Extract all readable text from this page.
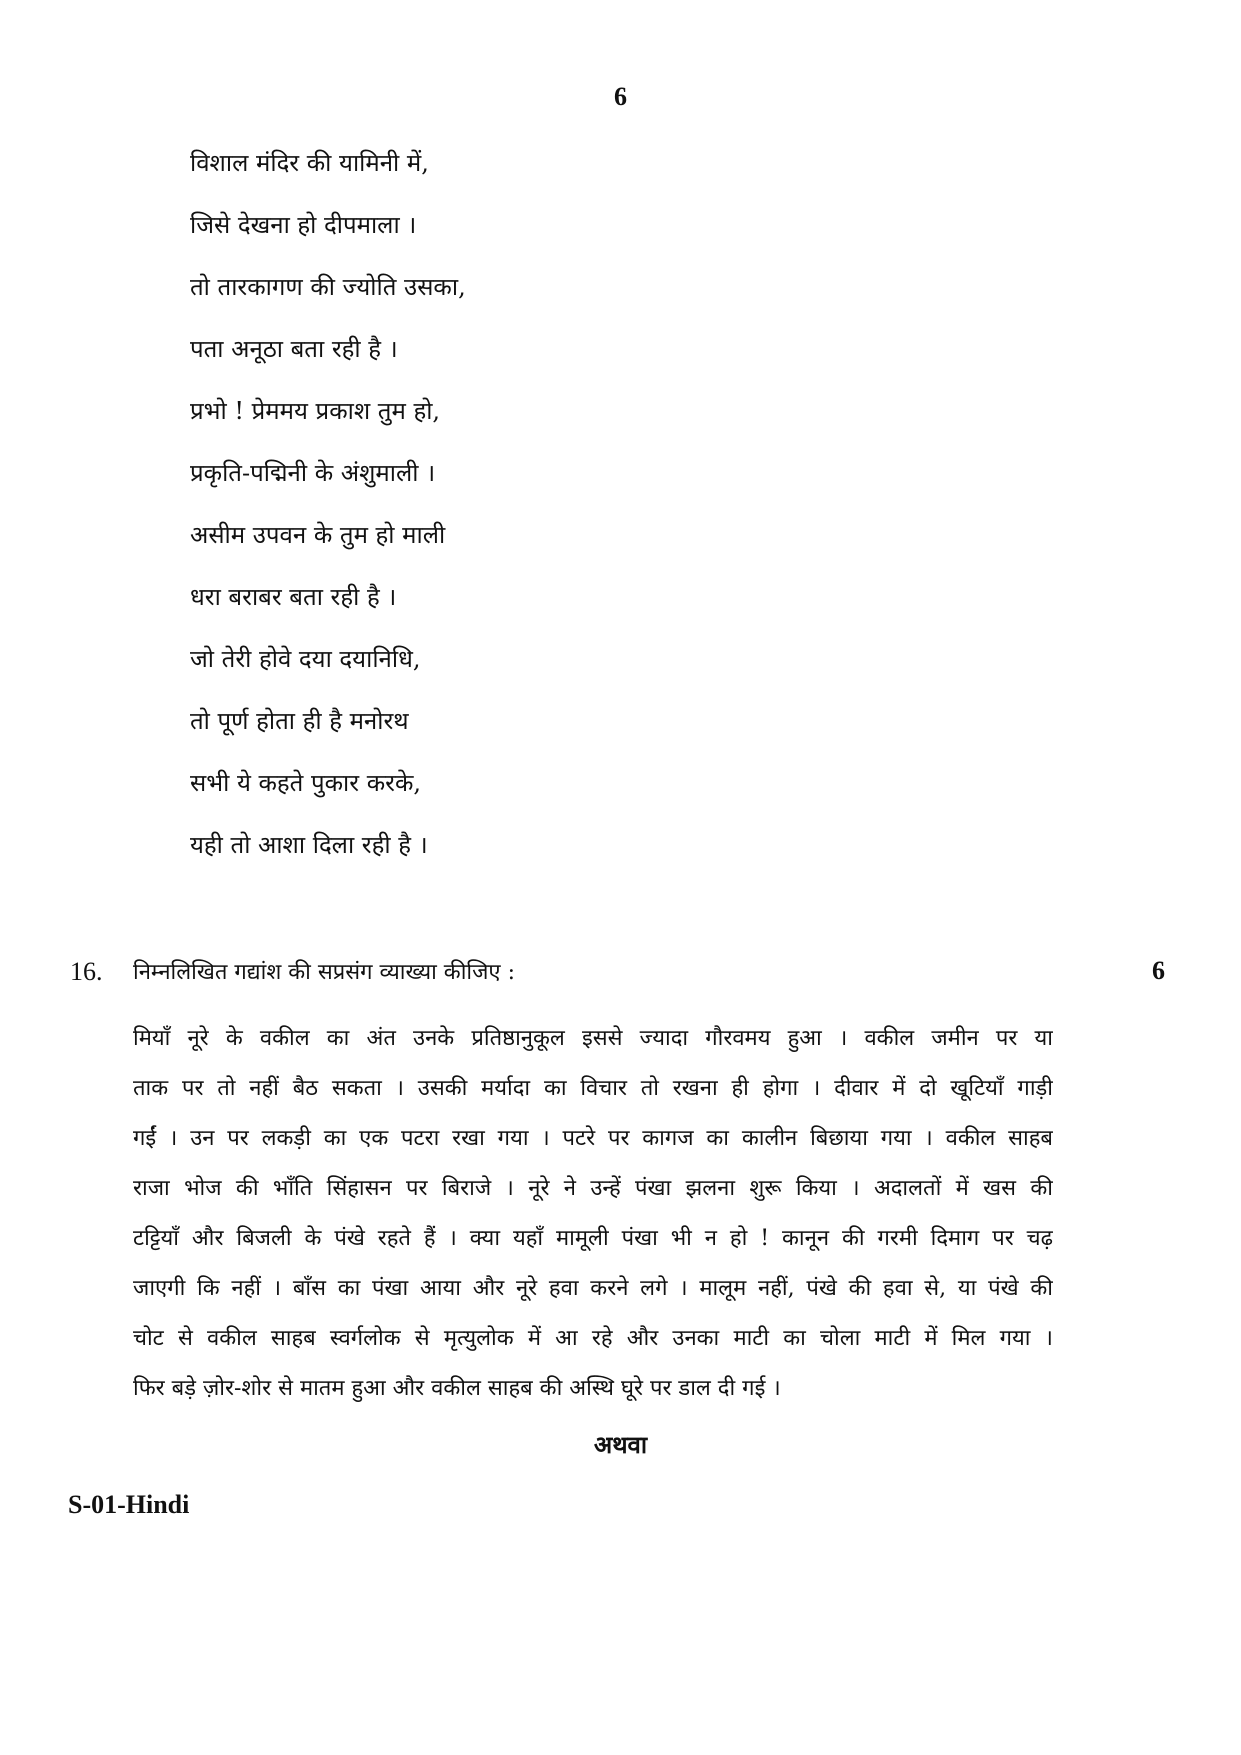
6
विशाल मंदिर की यामिनी में,
जिसे देखना हो दीपमाला ।
तो तारकागण की ज्योति उसका,
पता अनूठा बता रही है ।
प्रभो ! प्रेममय प्रकाश तुम हो,
प्रकृति-पद्मिनी के अंशुमाली ।
असीम उपवन के तुम हो माली
धरा बराबर बता रही है ।
जो तेरी होवे दया दयानिधि,
तो पूर्ण होता ही है मनोरथ
सभी ये कहते पुकार करके,
यही तो आशा दिला रही है ।
16. निम्नलिखित गद्यांश की सप्रसंग व्याख्या कीजिए :	6
मियाँ नूरे के वकील का अंत उनके प्रतिष्ठानुकूल इससे ज्यादा गौरवमय हुआ । वकील जमीन पर या
ताक पर तो नहीं बैठ सकता । उसकी मर्यादा का विचार तो रखना ही होगा । दीवार में दो खूटियाँ गाड़ी
गईं । उन पर लकड़ी का एक पटरा रखा गया । पटरे पर कागज का कालीन बिछाया गया । वकील साहब
राजा भोज की भाँति सिंहासन पर बिराजे । नूरे ने उन्हें पंखा झलना शुरू किया । अदालतों में खस की
टट्टियाँ और बिजली के पंखे रहते हैं । क्या यहाँ मामूली पंखा भी न हो ! कानून की गरमी दिमाग पर चढ़
जाएगी कि नहीं । बाँस का पंखा आया और नूरे हवा करने लगे । मालूम नहीं, पंखे की हवा से, या पंखे की
चोट से वकील साहब स्वर्गलोक से मृत्युलोक में आ रहे और उनका माटी का चोला माटी में मिल गया ।
फिर बड़े ज़ोर-शोर से मातम हुआ और वकील साहब की अस्थि घूरे पर डाल दी गई ।
अथवा
S-01-Hindi
